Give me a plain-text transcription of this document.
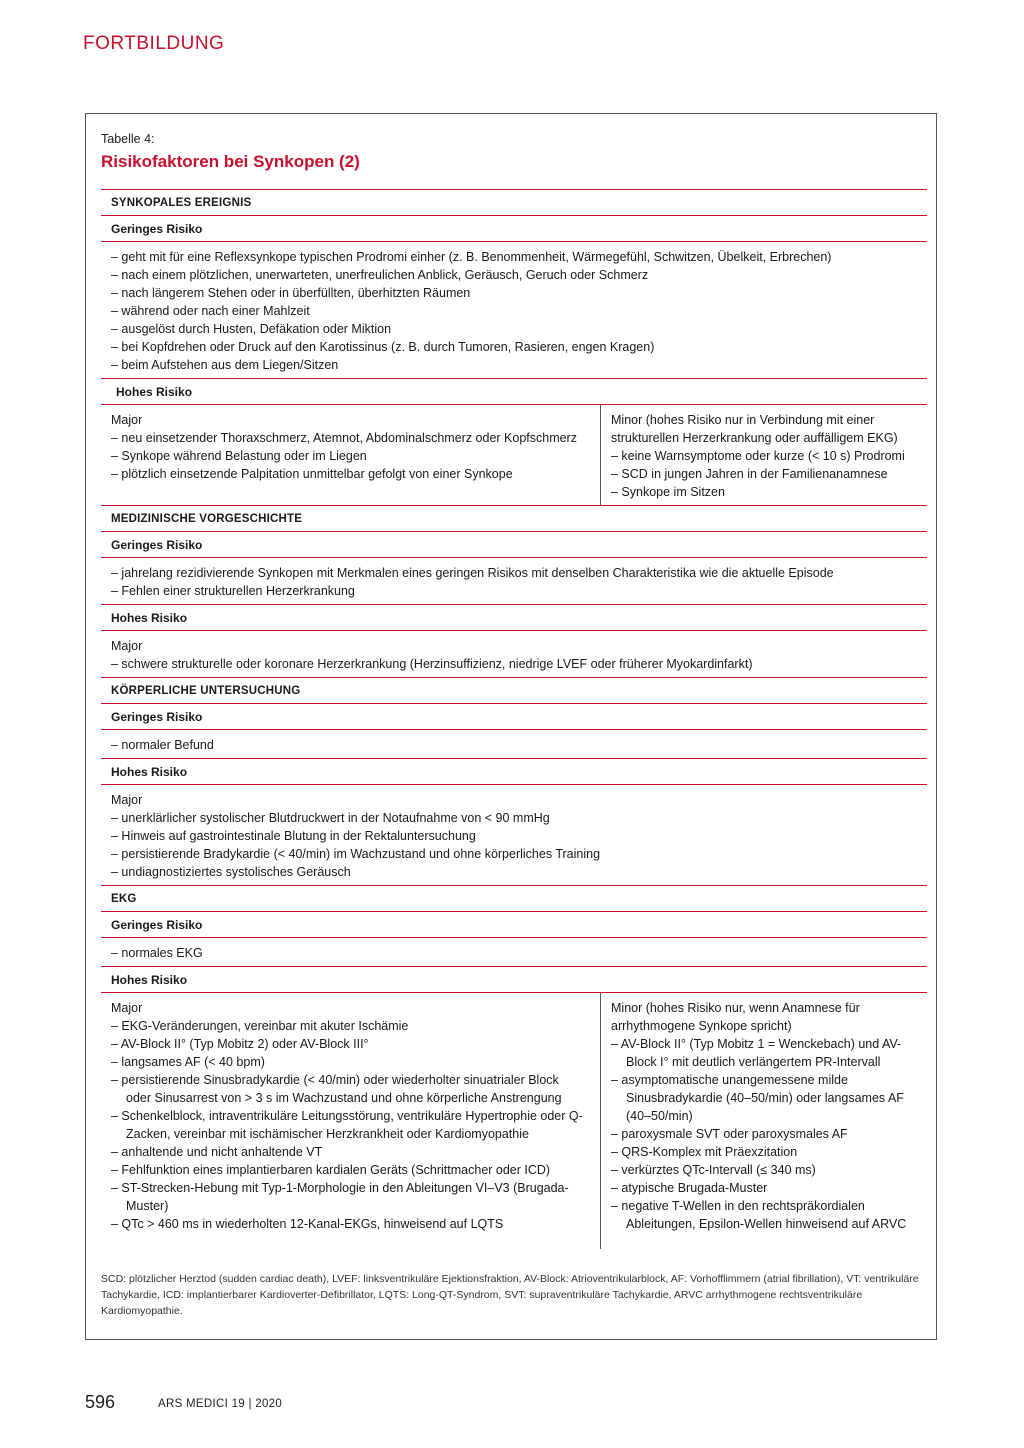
FORTBILDUNG
Tabelle 4:
Risikofaktoren bei Synkopen (2)
SYNKOPALES EREIGNIS
Geringes Risiko
– geht mit für eine Reflexsynkope typischen Prodromi einher (z. B. Benommenheit, Wärmegefühl, Schwitzen, Übelkeit, Erbrechen)
– nach einem plötzlichen, unerwarteten, unerfreulichen Anblick, Geräusch, Geruch oder Schmerz
– nach längerem Stehen oder in überfüllten, überhitzten Räumen
– während oder nach einer Mahlzeit
– ausgelöst durch Husten, Defäkation oder Miktion
– bei Kopfdrehen oder Druck auf den Karotissinus (z. B. durch Tumoren, Rasieren, engen Kragen)
– beim Aufstehen aus dem Liegen/Sitzen
Hohes Risiko
Major
– neu einsetzender Thoraxschmerz, Atemnot, Abdominalschmerz oder Kopfschmerz
– Synkope während Belastung oder im Liegen
– plötzlich einsetzende Palpitation unmittelbar gefolgt von einer Synkope
Minor (hohes Risiko nur in Verbindung mit einer
strukturellen Herzerkrankung oder auffälligem EKG)
– keine Warnsymptome oder kurze (< 10 s) Prodromi
– SCD in jungen Jahren in der Familienanamnese
– Synkope im Sitzen
MEDIZINISCHE VORGESCHICHTE
Geringes Risiko
– jahrelang rezidivierende Synkopen mit Merkmalen eines geringen Risikos mit denselben Charakteristika wie die aktuelle Episode
– Fehlen einer strukturellen Herzerkrankung
Hohes Risiko
Major
– schwere strukturelle oder koronare Herzerkrankung (Herzinsuffizienz, niedrige LVEF oder früherer Myokardinfarkt)
KÖRPERLICHE UNTERSUCHUNG
Geringes Risiko
– normaler Befund
Hohes Risiko
Major
– unerklärlicher systolischer Blutdruckwert in der Notaufnahme von < 90 mmHg
– Hinweis auf gastrointestinale Blutung in der Rektaluntersuchung
– persistierende Bradykardie (< 40/min) im Wachzustand und ohne körperliches Training
– undiagnostiziertes systolisches Geräusch
EKG
Geringes Risiko
– normales EKG
Hohes Risiko
Major
– EKG-Veränderungen, vereinbar mit akuter Ischämie
– AV-Block II° (Typ Mobitz 2) oder AV-Block III°
– langsames AF (< 40 bpm)
– persistierende Sinusbradykardie (< 40/min) oder wiederholter sinuatrialer Block oder Sinusarrest von > 3 s im Wachzustand und ohne körperliche Anstrengung
– Schenkelblock, intraventrikuläre Leitungsstörung, ventrikuläre Hypertrophie oder Q-Zacken, vereinbar mit ischämischer Herzkrankheit oder Kardiomyopathie
– anhaltende und nicht anhaltende VT
– Fehlfunktion eines implantierbaren kardialen Geräts (Schrittmacher oder ICD)
– ST-Strecken-Hebung mit Typ-1-Morphologie in den Ableitungen VI–V3 (Brugada-Muster)
– QTc > 460 ms in wiederholten 12-Kanal-EKGs, hinweisend auf LQTS
Minor (hohes Risiko nur, wenn Anamnese für arrhythmogene Synkope spricht)
– AV-Block II° (Typ Mobitz 1 = Wenckebach) und AV-Block I° mit deutlich verlängertem PR-Intervall
– asymptomatische unangemessene milde Sinusbradykardie (40–50/min) oder langsames AF (40–50/min)
– paroxysmale SVT oder paroxysmales AF
– QRS-Komplex mit Präexzitation
– verkürztes QTc-Intervall (≤ 340 ms)
– atypische Brugada-Muster
– negative T-Wellen in den rechtspräkordialen Ableitungen, Epsilon-Wellen hinweisend auf ARVC
SCD: plötzlicher Herztod (sudden cardiac death), LVEF: linksventrikuläre Ejektionsfraktion, AV-Block: Atrioventrikularblock, AF: Vorhofflimmern (atrial fibrillation), VT: ventrikuläre Tachykardie, ICD: implantierbarer Kardioverter-Defibrillator, LQTS: Long-QT-Syndrom, SVT: supraventrikuläre Tachykardie, ARVC arrhythmogene rechtsventrikuläre Kardiomyopathie.
596	ARS MEDICI 19 | 2020
